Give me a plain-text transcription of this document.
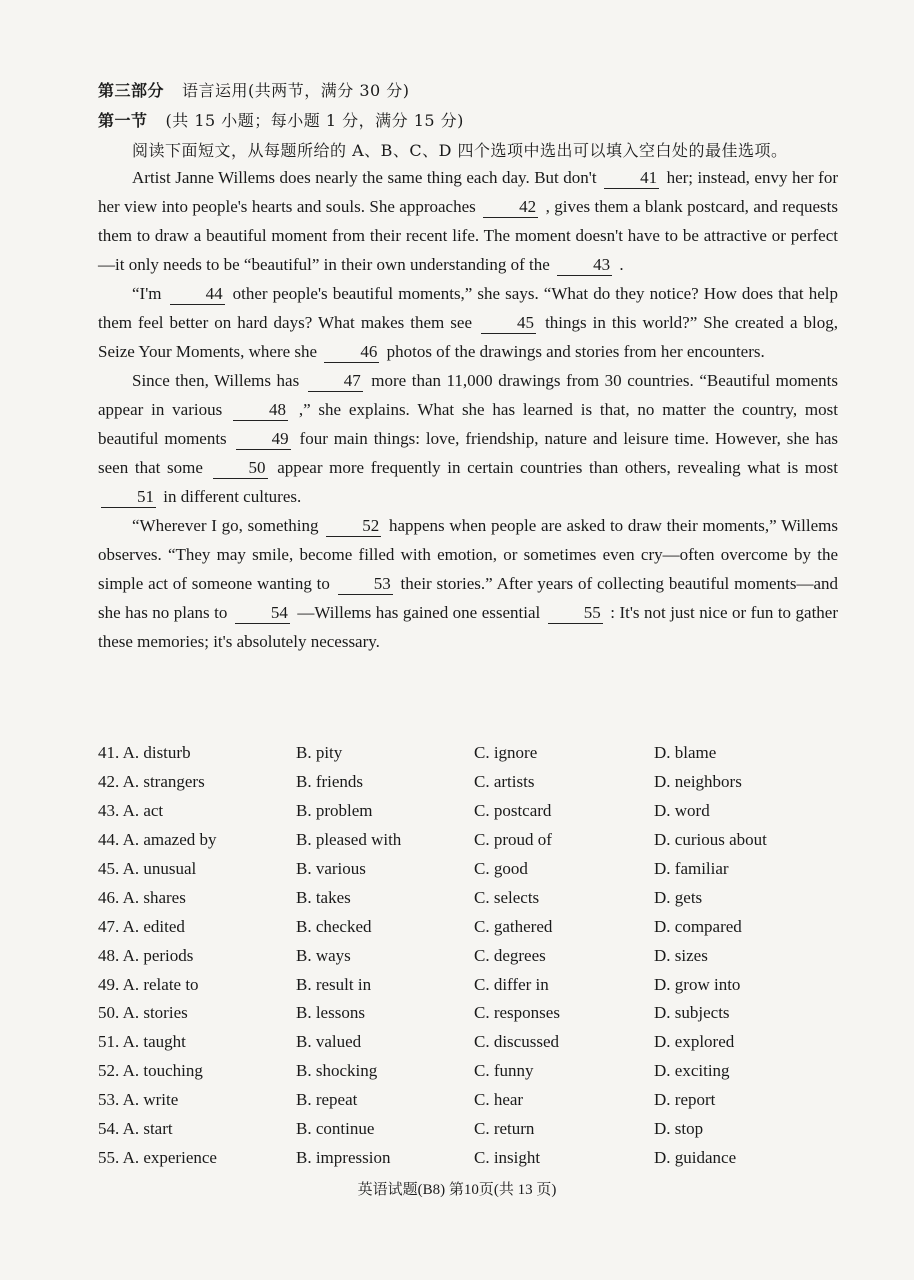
第三部分 语言运用(共两节，满分 30 分)
第一节 (共 15 小题；每小题 1 分，满分 15 分)
阅读下面短文，从每题所给的 A、B、C、D 四个选项中选出可以填入空白处的最佳选项。

Artist Janne Willems does nearly the same thing each day. But don't 41 her; instead, envy her for her view into people's hearts and souls. She approaches 42 , gives them a blank postcard, and requests them to draw a beautiful moment from their recent life. The moment doesn't have to be attractive or perfect—it only needs to be “beautiful” in their own understanding of the 43 .

“I'm 44 other people's beautiful moments,” she says. “What do they notice? How does that help them feel better on hard days? What makes them see 45 things in this world?” She created a blog, Seize Your Moments, where she 46 photos of the drawings and stories from her encounters.

Since then, Willems has 47 more than 11,000 drawings from 30 countries. “Beautiful moments appear in various 48 ,” she explains. What she has learned is that, no matter the country, most beautiful moments 49 four main things: love, friendship, nature and leisure time. However, she has seen that some 50 appear more frequently in certain countries than others, revealing what is most 51 in different cultures.

“Wherever I go, something 52 happens when people are asked to draw their moments,” Willems observes. “They may smile, become filled with emotion, or sometimes even cry—often overcome by the simple act of someone wanting to 53 their stories.” After years of collecting beautiful moments—and she has no plans to 54 —Willems has gained one essential 55 : It's not just nice or fun to gather these memories; it's absolutely necessary.

41. A. disturb	B. pity	C. ignore	D. blame
42. A. strangers	B. friends	C. artists	D. neighbors
43. A. act	B. problem	C. postcard	D. word
44. A. amazed by	B. pleased with	C. proud of	D. curious about
45. A. unusual	B. various	C. good	D. familiar
46. A. shares	B. takes	C. selects	D. gets
47. A. edited	B. checked	C. gathered	D. compared
48. A. periods	B. ways	C. degrees	D. sizes
49. A. relate to	B. result in	C. differ in	D. grow into
50. A. stories	B. lessons	C. responses	D. subjects
51. A. taught	B. valued	C. discussed	D. explored
52. A. touching	B. shocking	C. funny	D. exciting
53. A. write	B. repeat	C. hear	D. report
54. A. start	B. continue	C. return	D. stop
55. A. experience	B. impression	C. insight	D. guidance
英语试题(B8) 第10页(共 13 页)
